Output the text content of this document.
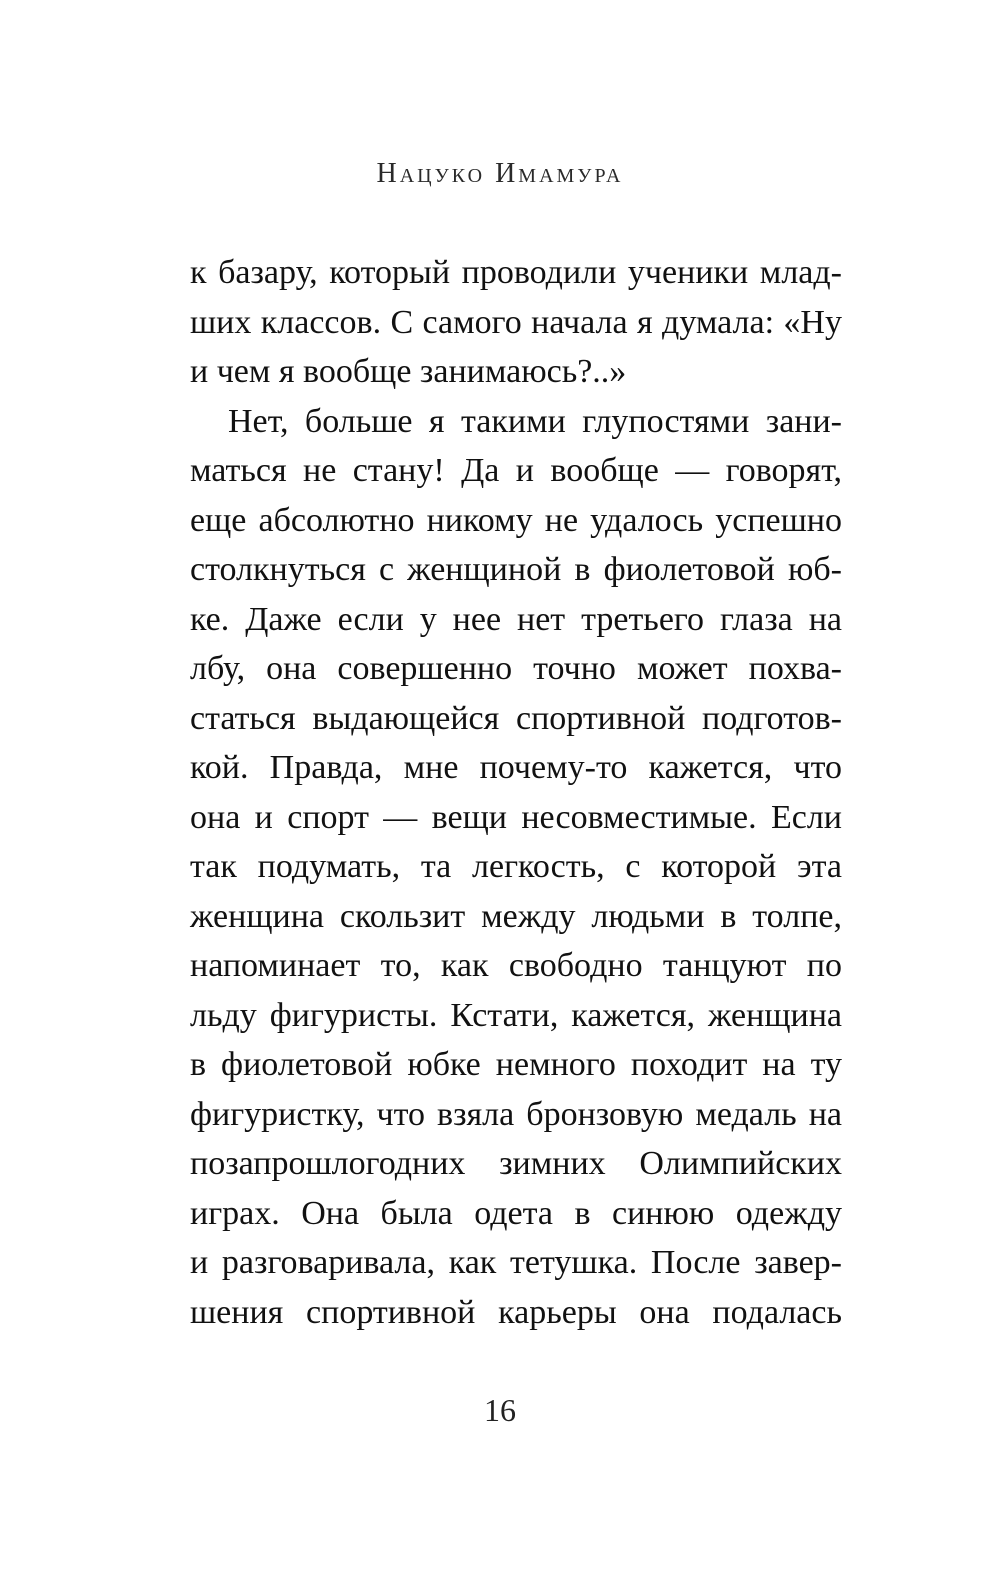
Нацуко Имамура
к базару, который проводили ученики млад-
ших классов. С самого начала я думала: «Ну
и чем я вообще занимаюсь?..»
Нет, больше я такими глупостями зани-
маться не стану! Да и вообще — говорят,
еще абсолютно никому не удалось успешно
столкнуться с женщиной в фиолетовой юб-
ке. Даже если у нее нет третьего глаза на
лбу, она совершенно точно может похва-
статься выдающейся спортивной подготов-
кой. Правда, мне почему-то кажется, что
она и спорт — вещи несовместимые. Если
так подумать, та легкость, с которой эта
женщина скользит между людьми в толпе,
напоминает то, как свободно танцуют по
льду фигуристы. Кстати, кажется, женщина
в фиолетовой юбке немного походит на ту
фигуристку, что взяла бронзовую медаль на
позапрошлогодних зимних Олимпийских
играх. Она была одета в синюю одежду
и разговаривала, как тетушка. После завер-
шения спортивной карьеры она подалась
16
